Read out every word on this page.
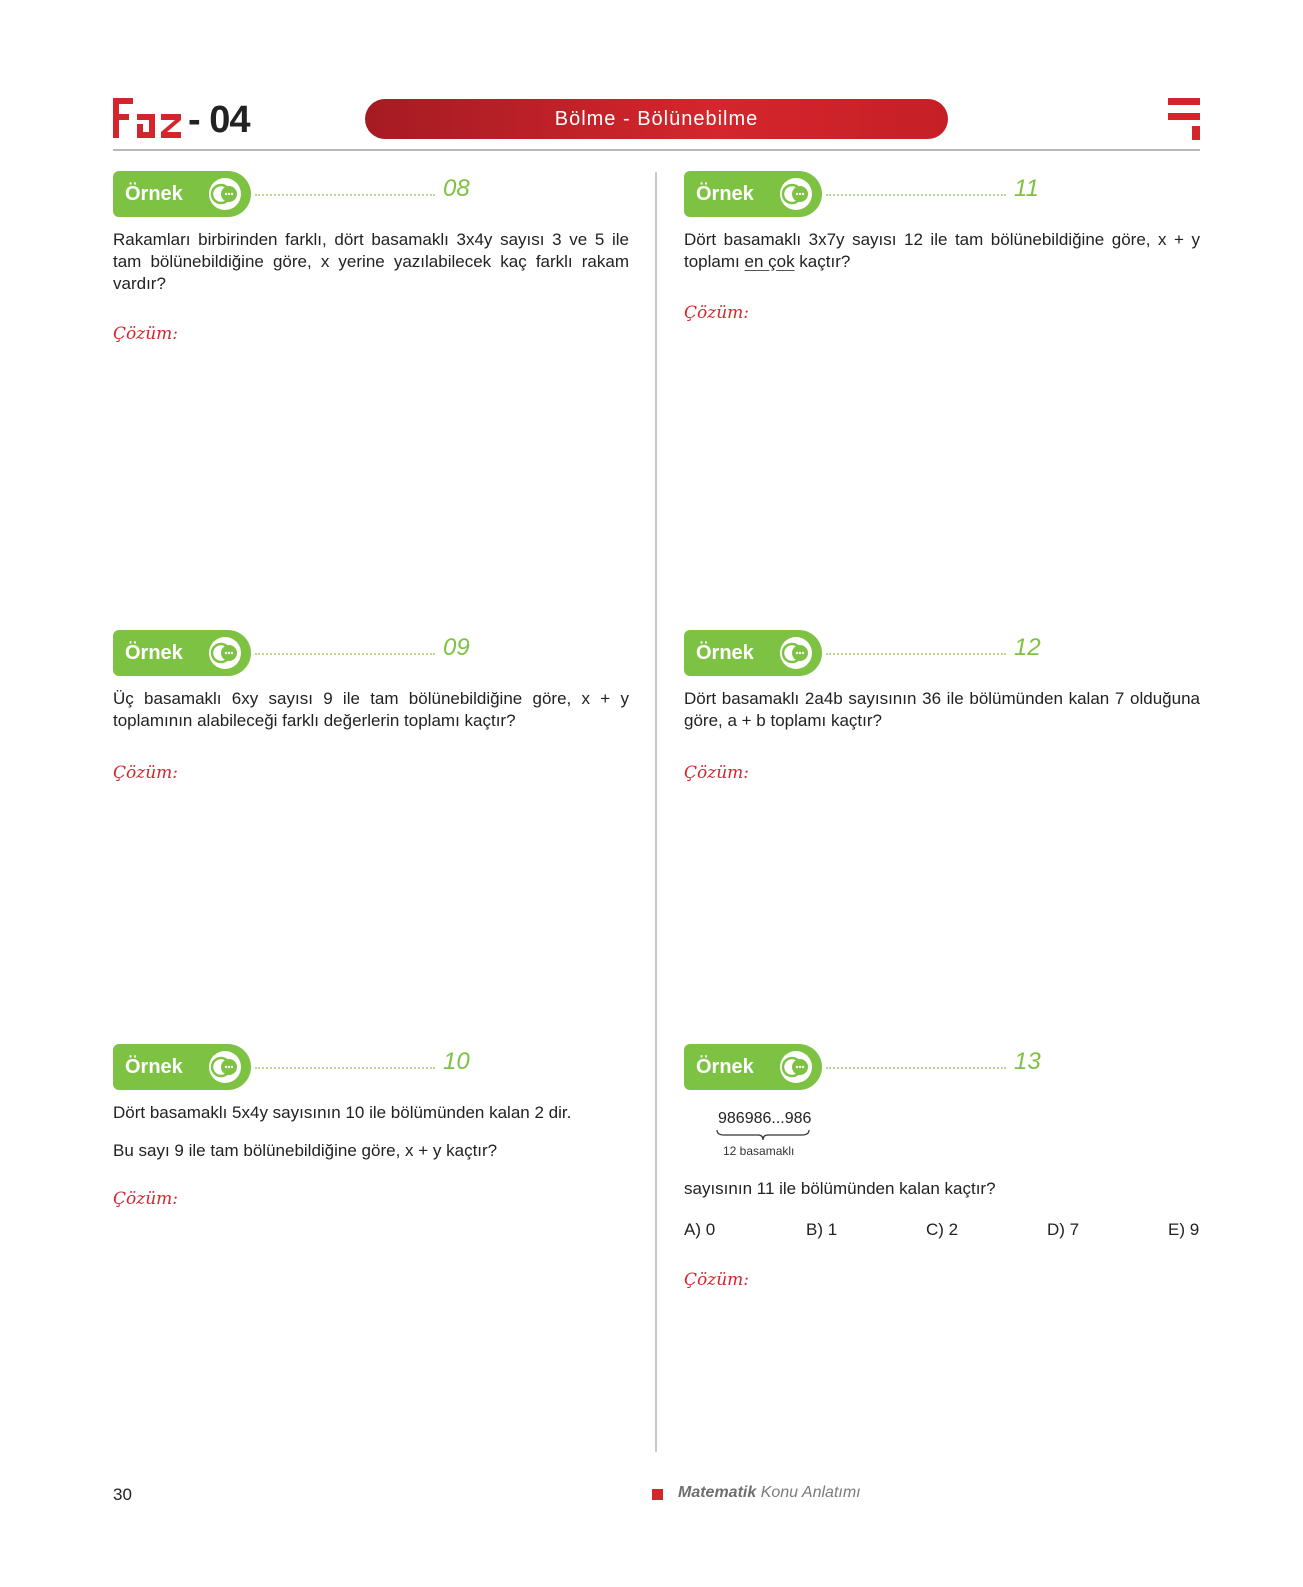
- 04	Bölme - Bölünebilme
Örnek	08
Rakamları birbirinden farklı, dört basamaklı 3x4y sayısı 3 ve 5 ile tam bölünebildiğine göre, x yerine yazılabilecek kaç farklı rakam vardır?
Çözüm:
Örnek	09
Üç basamaklı 6xy sayısı 9 ile tam bölünebildiğine göre, x + y toplamının alabileceği farklı değerlerin toplamı kaçtır?
Çözüm:
Örnek	10
Dört basamaklı 5x4y sayısının 10 ile bölümünden kalan 2 dir.
Bu sayı 9 ile tam bölünebildiğine göre, x + y kaçtır?
Çözüm:
Örnek	11
Dört basamaklı 3x7y sayısı 12 ile tam bölünebildiğine göre, x + y toplamı en çok kaçtır?
Çözüm:
Örnek	12
Dört basamaklı 2a4b sayısının 36 ile bölümünden kalan 7 olduğuna göre, a + b toplamı kaçtır?
Çözüm:
Örnek	13
986986...986
12 basamaklı
sayısının 11 ile bölümünden kalan kaçtır?
A) 0	B) 1	C) 2	D) 7	E) 9
Çözüm:
30	Matematik Konu Anlatımı
